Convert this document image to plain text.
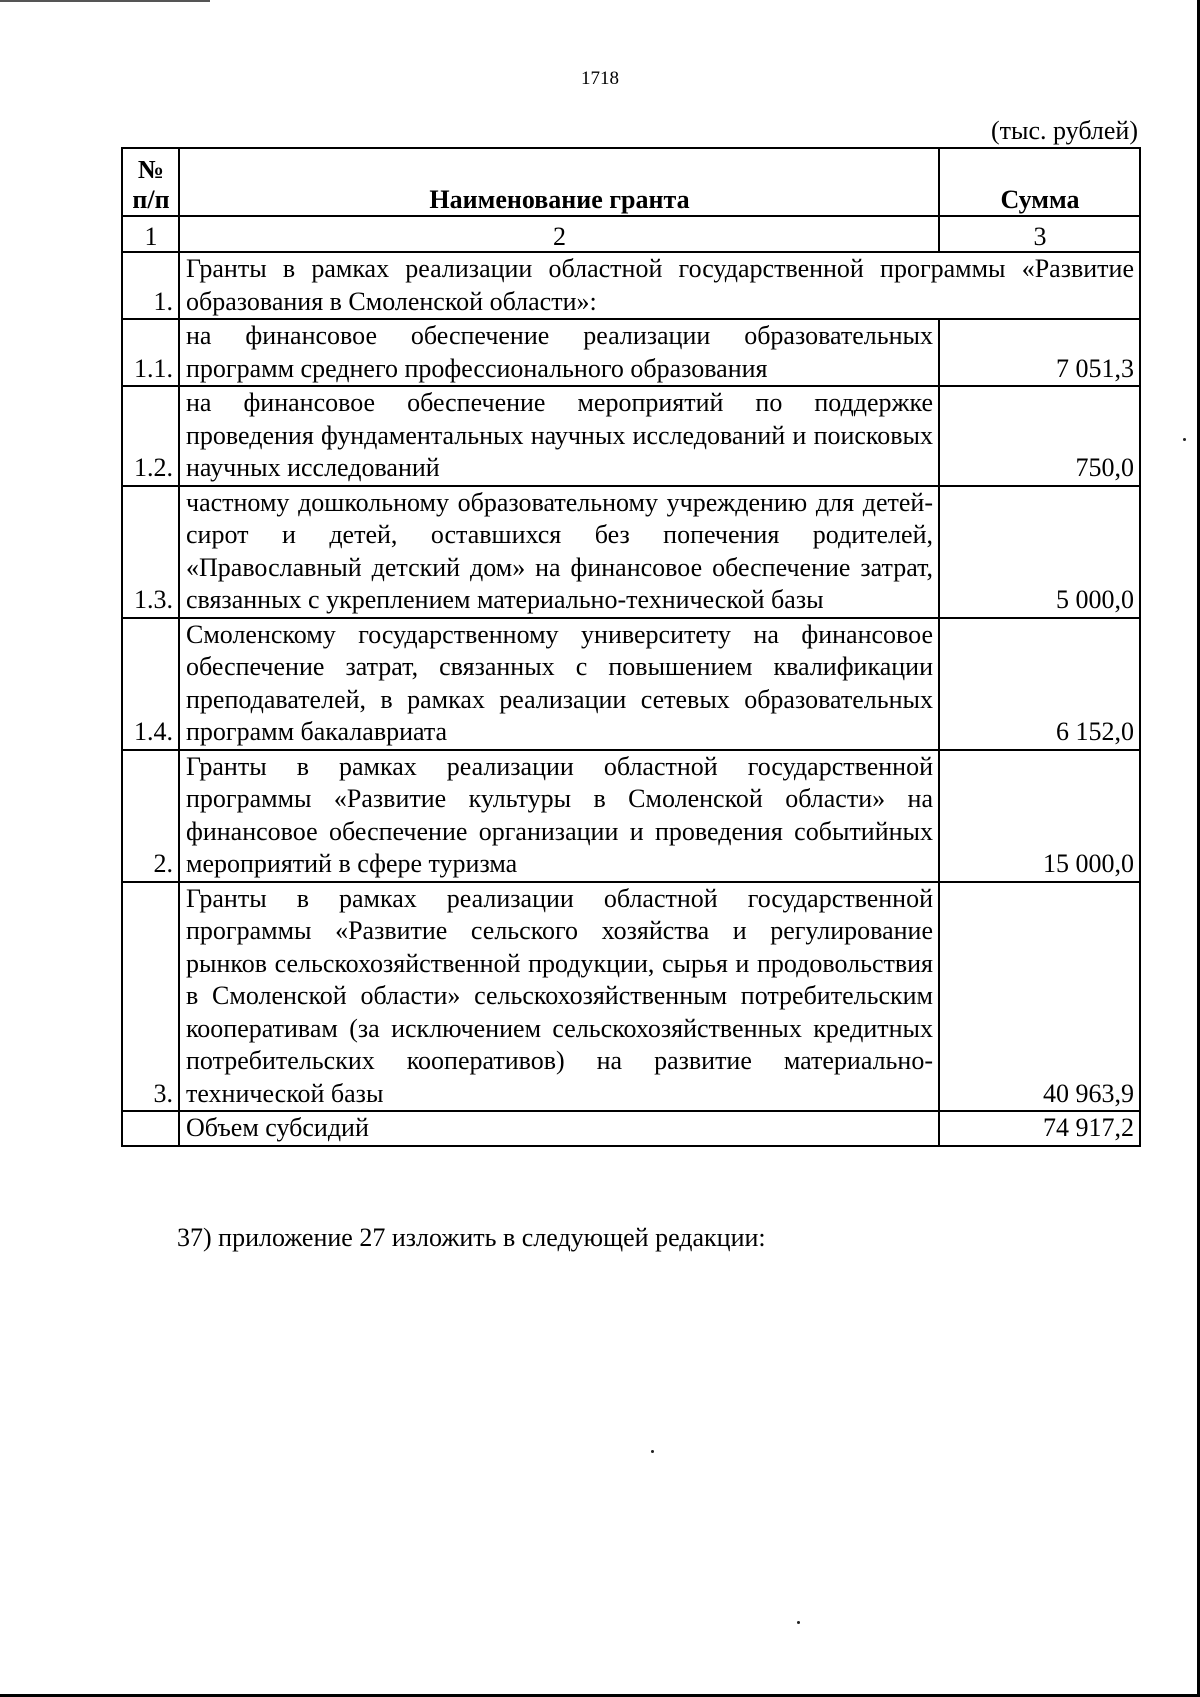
1718
(тыс. рублей)
№ п/п	Наименование гранта	Сумма
1	2	3
1.	Гранты в рамках реализации областной государственной программы «Развитие образования в Смоленской области»:	
1.1.	на финансовое обеспечение реализации образовательных программ среднего профессионального образования	7 051,3
1.2.	на финансовое обеспечение мероприятий по поддержке проведения фундаментальных научных исследований и поисковых научных исследований	750,0
1.3.	частному дошкольному образовательному учреждению для детей-сирот и детей, оставшихся без попечения родителей, «Православный детский дом» на финансовое обеспечение затрат, связанных с укреплением материально-технической базы	5 000,0
1.4.	Смоленскому государственному университету на финансовое обеспечение затрат, связанных с повышением квалификации преподавателей, в рамках реализации сетевых образовательных программ бакалавриата	6 152,0
2.	Гранты в рамках реализации областной государственной программы «Развитие культуры в Смоленской области» на финансовое обеспечение организации и проведения событийных мероприятий в сфере туризма	15 000,0
3.	Гранты в рамках реализации областной государственной программы «Развитие сельского хозяйства и регулирование рынков сельскохозяйственной продукции, сырья и продовольствия в Смоленской области» сельскохозяйственным потребительским кооперативам (за исключением сельскохозяйственных кредитных потребительских кооперативов) на развитие материально-технической базы	40 963,9
	Объем субсидий	74 917,2
37) приложение 27 изложить в следующей редакции:
